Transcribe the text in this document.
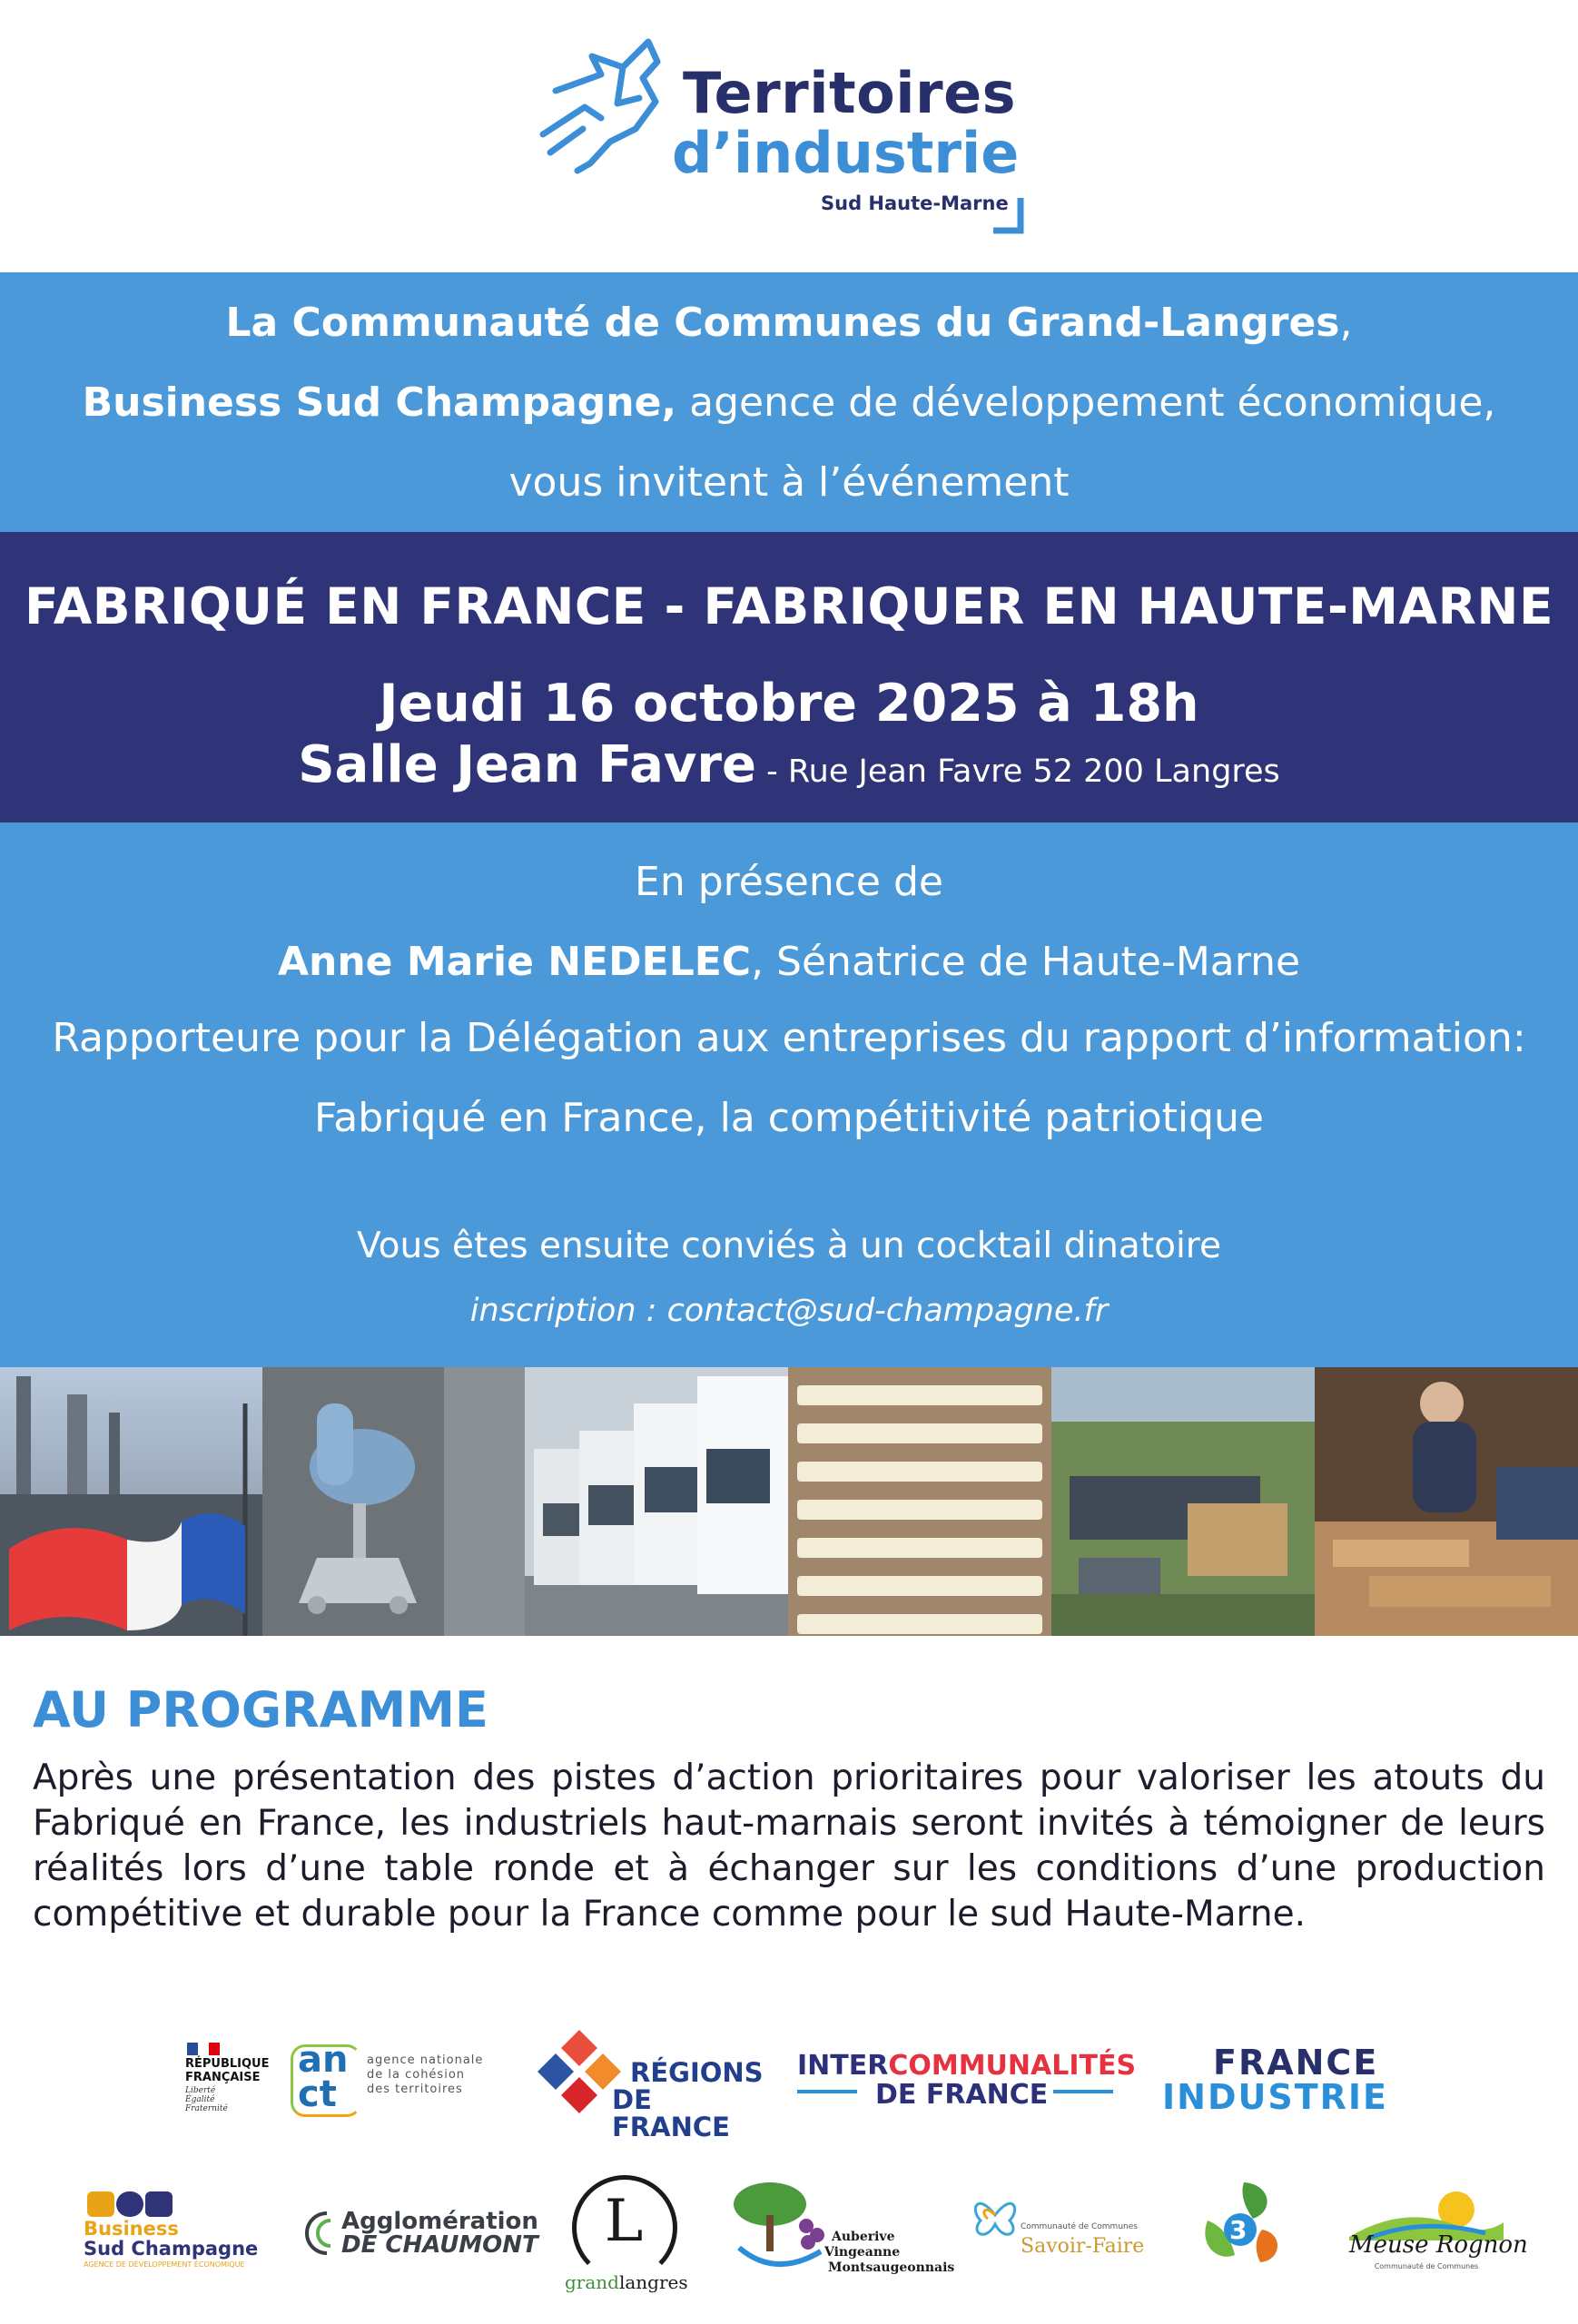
Territoires
d’industrie
Sud Haute-Marne
La Communauté de Communes du Grand-Langres,
Business Sud Champagne, agence de développement économique,
vous invitent à l’événement
FABRIQUÉ EN FRANCE - FABRIQUER EN HAUTE-MARNE
Jeudi 16 octobre 2025 à 18h
Salle Jean Favre - Rue Jean Favre 52 200 Langres
En présence de
Anne Marie NEDELEC, Sénatrice de Haute-Marne
Rapporteure pour la Délégation aux entreprises du rapport d’information:
Fabriqué en France, la compétitivité patriotique
Vous êtes ensuite conviés à un cocktail dinatoire
inscription : contact@sud-champagne.fr
AU PROGRAMME
Après une présentation des pistes d’action prioritaires pour valoriser les atouts du Fabriqué en France, les industriels haut-marnais seront invités à témoigner de leurs réalités lors d’une table ronde et à échanger sur les conditions d’une production compétitive et durable pour la France comme pour le sud Haute-Marne.
RÉPUBLIQUE
FRANÇAISE
Liberté
Égalité
Fraternité
an
ct
agence nationale
de la cohésion
des territoires
RÉGIONS
DE FRANCE
INTERCOMMUNALITÉS
DE FRANCE
FRANCE
INDUSTRIE
Business
Sud Champagne
AGENCE DE DÉVELOPPEMENT ÉCONOMIQUE
Agglomération
DE CHAUMONT	L
grandlangres
Auberive
Vingeanne
Montsaugeonnais
Communauté de Communes
Savoir-Faire
3	Meuse Rognon
Communauté de Communes
